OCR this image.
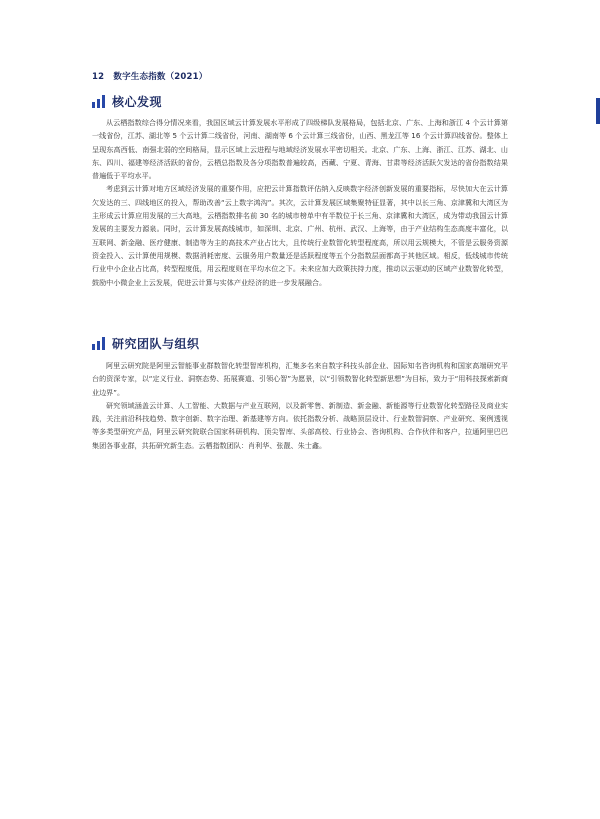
12 数字生态指数（2021）
核心发现

从云栖指数综合得分情况来看，我国区域云计算发展水平形成了四级梯队发展格局，包括北京、广东、上海和浙江 4 个云计算第一线省份，江苏、湖北等 5 个云计算二线省份，河南、湖南等 6 个云计算三线省份，山西、黑龙江等 16 个云计算四线省份。整体上呈现东高西低、南强北弱的空间格局，显示区域上云进程与地域经济发展水平密切相关。北京、广东、上海、浙江、江苏、湖北、山东、四川、福建等经济活跃的省份，云栖总指数及各分项指数普遍较高，西藏、宁夏、青海、甘肃等经济活跃欠发达的省份指数结果普遍低于平均水平。

考虑到云计算对地方区域经济发展的重要作用，应把云计算指数评估纳入反映数字经济创新发展的重要指标，尽快加大在云计算欠发达的三、四线地区的投入，帮助改善“云上数字鸿沟”。其次，云计算发展区域集聚特征显著，其中以长三角、京津冀和大湾区为主形成云计算应用发展的三大高地，云栖指数排名前 30 名的城市榜单中有半数位于长三角、京津冀和大湾区，成为带动我国云计算发展的主要发力源泉。同时，云计算发展高线城市，如深圳、北京、广州、杭州、武汉、上海等，由于产业结构生态高度丰富化，以互联网、新金融、医疗健康、制造等为主的高技术产业占比大，且传统行业数智化转型程度高，所以用云规模大，不管是云服务资源资金投入、云计算使用规模、数据消耗密度、云服务用户数量还是活跃程度等五个分指数层面都高于其他区域。相反，低线城市传统行业中小企业占比高，转型程度低，用云程度则在平均水位之下。未来应加大政策扶持力度，推动以云驱动的区域产业数智化转型，鼓励中小微企业上云发展，促进云计算与实体产业经济的进一步发展融合。

研究团队与组织

阿里云研究院是阿里云智能事业群数智化转型智库机构，汇集多名来自数字科技头部企业、国际知名咨询机构和国家高端研究平台的资深专家，以“定义行业、洞察态势、拓展赛道、引领心智”为愿景，以“引领数智化转型新思想”为目标，致力于“用科技探索新商业边界”。

研究领域涵盖云计算、人工智能、大数据与产业互联网，以及新零售、新制造、新金融、新能源等行业数智化转型路径及商业实践，关注前沿科技趋势、数字创新、数字治理、新基建等方向。依托指数分析、战略顶层设计、行业数智洞察、产业研究、案例透视等多类型研究产品，阿里云研究院联合国家科研机构、顶尖智库、头部高校、行业协会、咨询机构、合作伙伴和客户，拉通阿里巴巴集团各事业群，共拓研究新生态。云栖指数团队：肖利华、张靓、朱士鑫。
